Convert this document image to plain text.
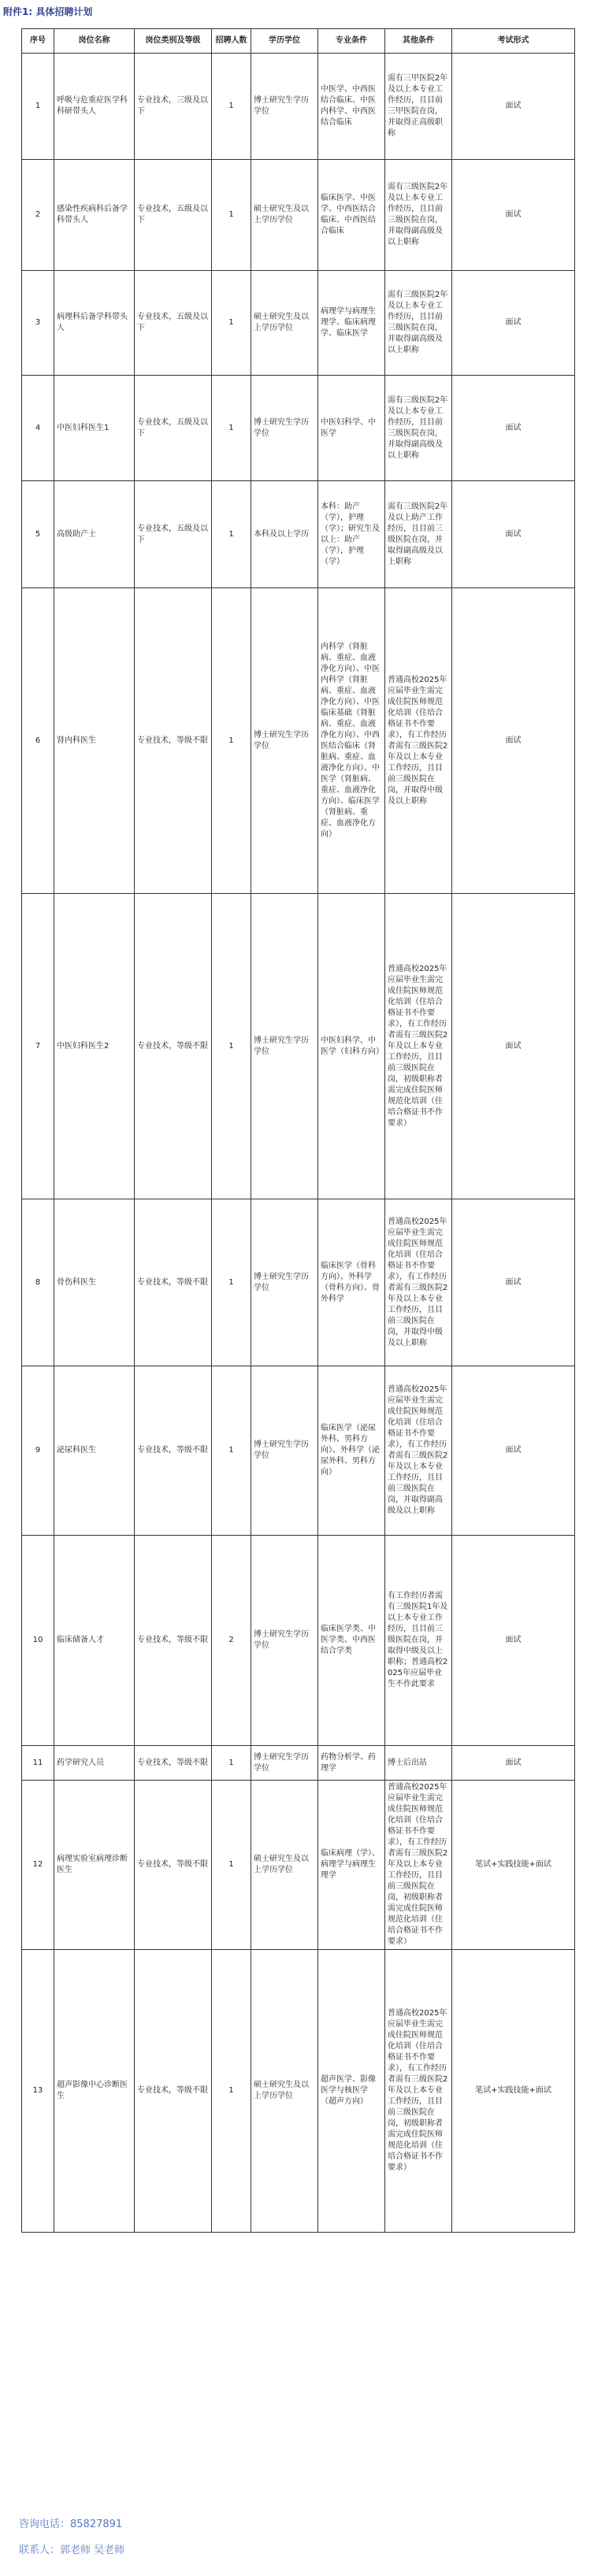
附件1: 具体招聘计划
序号	岗位名称	岗位类别及等级	招聘人数	学历学位	专业条件	其他条件	考试形式
1	呼吸与危重症医学科科研带头人	专业技术，三级及以下	1	博士研究生学历学位	中医学、中西医结合临床、中医内科学、中西医结合临床	需有三甲医院2年及以上本专业工作经历，且目前三甲医院在岗，并取得正高级职称	面试
2	感染性疾病科后备学科带头人	专业技术，五级及以下	1	硕士研究生及以上学历学位	临床医学、中医学、中西医结合临床、中西医结合临床	需有三级医院2年及以上本专业工作经历，且目前三级医院在岗，并取得副高级及以上职称	面试
3	病理科后备学科带头人	专业技术，五级及以下	1	硕士研究生及以上学历学位	病理学与病理生理学、临床病理学、临床医学	需有三级医院2年及以上本专业工作经历，且目前三级医院在岗，并取得副高级及以上职称	面试
4	中医妇科医生1	专业技术，五级及以下	1	博士研究生学历学位	中医妇科学、中医学	需有三级医院2年及以上本专业工作经历，且目前三级医院在岗，并取得副高级及以上职称	面试
5	高级助产士	专业技术，五级及以下	1	本科及以上学历	本科：助产（学），护理（学）；研究生及以上：助产（学），护理（学）	需有三级医院2年及以上助产工作经历，且目前三级医院在岗，并取得副高级及以上职称	面试
6	肾内科医生	专业技术，等级不限	1	博士研究生学历学位	内科学（肾脏病、重症、血液净化方向）、中医内科学（肾脏病、重症、血液净化方向）、中医临床基础（肾脏病、重症、血液净化方向）、中西医结合临床（肾脏病、重症、血液净化方向）、中医学（肾脏病、重症、血液净化方向）、临床医学（肾脏病、重症、血液净化方向）	普通高校2025年应届毕业生需完成住院医师规范化培训（住培合格证书不作要求），有工作经历者需有三级医院2年及以上本专业工作经历，且目前三级医院在岗，并取得中级及以上职称	面试
7	中医妇科医生2	专业技术，等级不限	1	博士研究生学历学位	中医妇科学、中医学（妇科方向）	普通高校2025年应届毕业生需完成住院医师规范化培训（住培合格证书不作要求），有工作经历者需有三级医院2年及以上本专业工作经历，且目前三级医院在岗，初级职称者需完成住院医师规范化培训（住培合格证书不作要求）	面试
8	骨伤科医生	专业技术，等级不限	1	博士研究生学历学位	临床医学（骨科方向）、外科学（骨科方向）、骨外科学	普通高校2025年应届毕业生需完成住院医师规范化培训（住培合格证书不作要求），有工作经历者需有三级医院2年及以上本专业工作经历，且目前三级医院在岗，并取得中级及以上职称	面试
9	泌尿科医生	专业技术，等级不限	1	博士研究生学历学位	临床医学（泌尿外科、男科方向）、外科学（泌尿外科、男科方向）	普通高校2025年应届毕业生需完成住院医师规范化培训（住培合格证书不作要求），有工作经历者需有三级医院2年及以上本专业工作经历，且目前三级医院在岗，并取得副高级及以上职称	面试
10	临床储备人才	专业技术，等级不限	2	博士研究生学历学位	临床医学类、中医学类、中西医结合学类	有工作经历者需有三级医院1年及以上本专业工作经历，且目前三级医院在岗，并取得中级及以上职称；普通高校2025年应届毕业生不作此要求	面试
11	药学研究人员	专业技术，等级不限	1	博士研究生学历学位	药物分析学、药理学	博士后出站	面试
12	病理实验室病理诊断医生	专业技术，等级不限	1	硕士研究生及以上学历学位	临床病理（学）、病理学与病理生理学	普通高校2025年应届毕业生需完成住院医师规范化培训（住培合格证书不作要求），有工作经历者需有三级医院2年及以上本专业工作经历，且目前三级医院在岗，初级职称者需完成住院医师规范化培训（住培合格证书不作要求）	笔试+实践技能+面试
13	超声影像中心诊断医生	专业技术，等级不限	1	硕士研究生及以上学历学位	超声医学、影像医学与核医学（超声方向）	普通高校2025年应届毕业生需完成住院医师规范化培训（住培合格证书不作要求），有工作经历者需有三级医院2年及以上本专业工作经历，且目前三级医院在岗，初级职称者需完成住院医师规范化培训（住培合格证书不作要求）	笔试+实践技能+面试
咨询电话：85827891
联系人：郭老师 吴老师
